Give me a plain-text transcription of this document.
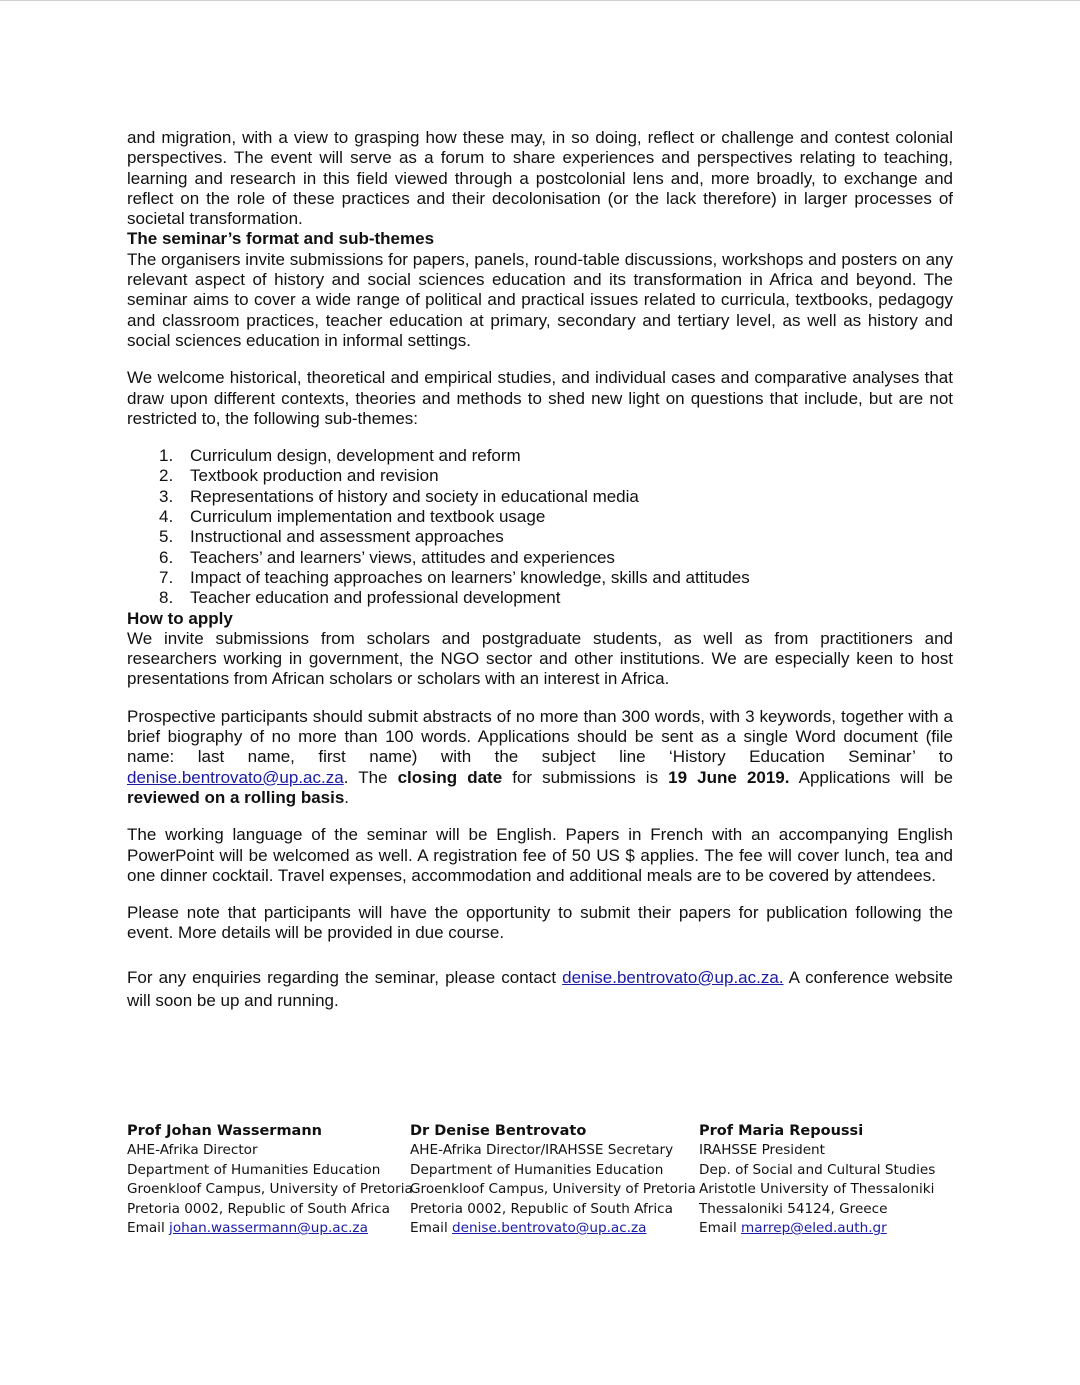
and migration, with a view to grasping how these may, in so doing, reflect or challenge and contest colonial perspectives. The event will serve as a forum to share experiences and perspectives relating to teaching, learning and research in this field viewed through a postcolonial lens and, more broadly, to exchange and reflect on the role of these practices and their decolonisation (or the lack therefore) in larger processes of societal transformation.

The seminar’s format and sub-themes

The organisers invite submissions for papers, panels, round-table discussions, workshops and posters on any relevant aspect of history and social sciences education and its transformation in Africa and beyond. The seminar aims to cover a wide range of political and practical issues related to curricula, textbooks, pedagogy and classroom practices, teacher education at primary, secondary and tertiary level, as well as history and social sciences education in informal settings.

We welcome historical, theoretical and empirical studies, and individual cases and comparative analyses that draw upon different contexts, theories and methods to shed new light on questions that include, but are not restricted to, the following sub-themes:

1. Curriculum design, development and reform
2. Textbook production and revision
3. Representations of history and society in educational media
4. Curriculum implementation and textbook usage
5. Instructional and assessment approaches
6. Teachers’ and learners’ views, attitudes and experiences
7. Impact of teaching approaches on learners’ knowledge, skills and attitudes
8. Teacher education and professional development

How to apply

We invite submissions from scholars and postgraduate students, as well as from practitioners and researchers working in government, the NGO sector and other institutions. We are especially keen to host presentations from African scholars or scholars with an interest in Africa.

Prospective participants should submit abstracts of no more than 300 words, with 3 keywords, together with a brief biography of no more than 100 words. Applications should be sent as a single Word document (file name: last name, first name) with the subject line ‘History Education Seminar’ to denise.bentrovato@up.ac.za. The closing date for submissions is 19 June 2019. Applications will be reviewed on a rolling basis.

The working language of the seminar will be English. Papers in French with an accompanying English PowerPoint will be welcomed as well. A registration fee of 50 US $ applies. The fee will cover lunch, tea and one dinner cocktail. Travel expenses, accommodation and additional meals are to be covered by attendees.

Please note that participants will have the opportunity to submit their papers for publication following the event. More details will be provided in due course.

For any enquiries regarding the seminar, please contact denise.bentrovato@up.ac.za. A conference website will soon be up and running.

Prof Johan Wassermann
AHE-Afrika Director
Department of Humanities Education
Groenkloof Campus, University of Pretoria
Pretoria 0002, Republic of South Africa
Email johan.wassermann@up.ac.za
Dr Denise Bentrovato
AHE-Afrika Director/IRAHSSE Secretary
Department of Humanities Education
Groenkloof Campus, University of Pretoria
Pretoria 0002, Republic of South Africa
Email denise.bentrovato@up.ac.za
Prof Maria Repoussi
IRAHSSE President
Dep. of Social and Cultural Studies
Aristotle University of Thessaloniki
Thessaloniki 54124, Greece
Email marrep@eled.auth.gr
